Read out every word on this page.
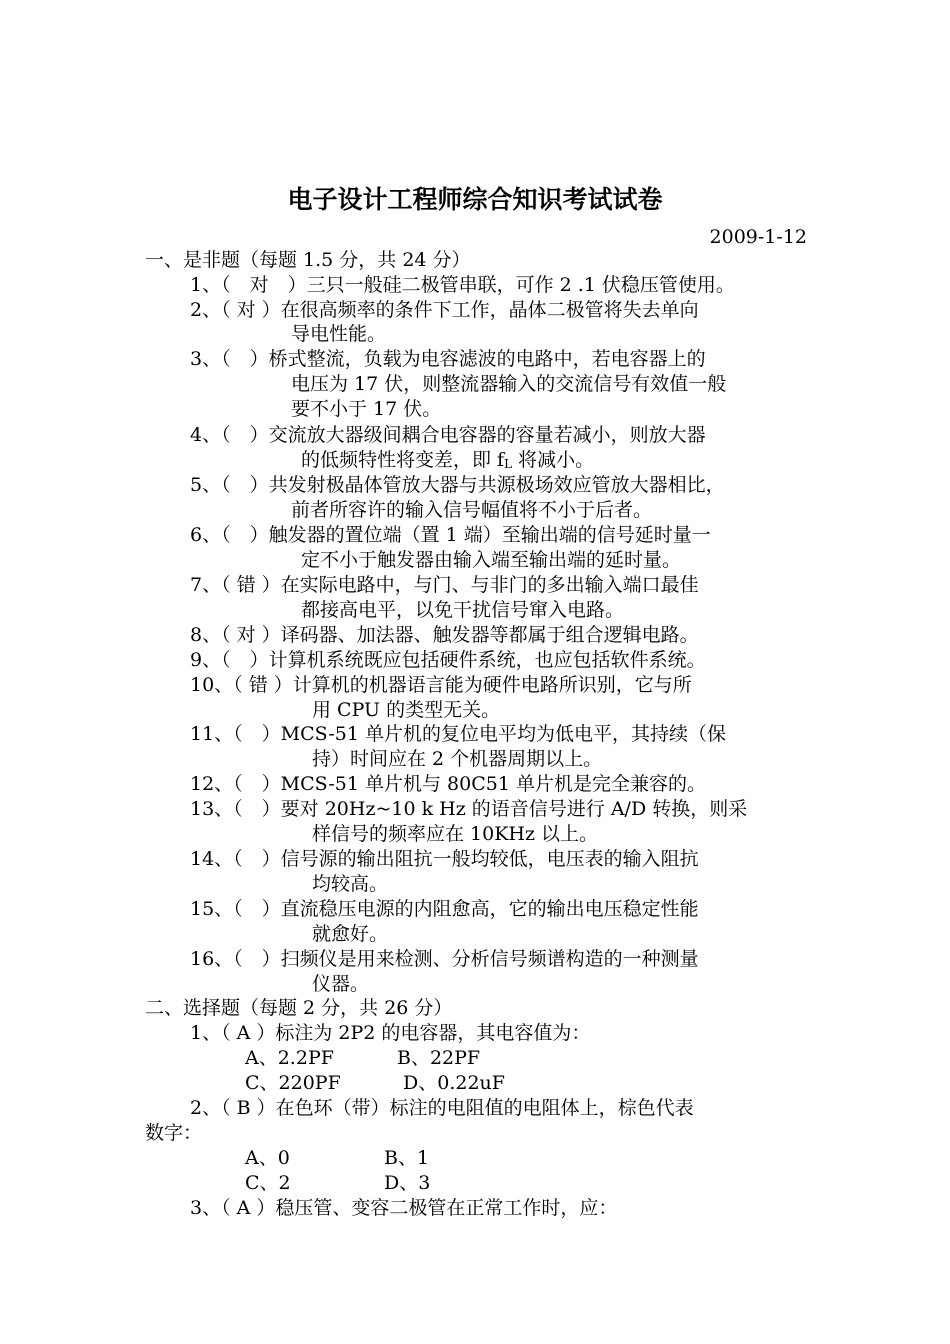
电子设计工程师综合知识考试试卷
2009-1-12
一、是非题（每题 1.5 分，共 24 分）
1、（　对　）三只一般硅二极管串联，可作 2 .1 伏稳压管使用。
2、（ 对 ）在很高频率的条件下工作，晶体二极管将失去单向
导电性能。
3、（　）桥式整流，负载为电容滤波的电路中，若电容器上的
电压为 17 伏，则整流器输入的交流信号有效值一般
要不小于 17 伏。
4、（　）交流放大器级间耦合电容器的容量若减小，则放大器
的低频特性将变差，即 $f_L$ 将减小。
5、（　）共发射极晶体管放大器与共源极场效应管放大器相比，
前者所容许的输入信号幅值将不小于后者。
6、（　）触发器的置位端（置 1 端）至输出端的信号延时量一
定不小于触发器由输入端至输出端的延时量。
7、（ 错 ）在实际电路中，与门、与非门的多出输入端口最佳
都接高电平，以免干扰信号窜入电路。
8、（ 对 ）译码器、加法器、触发器等都属于组合逻辑电路。
9、（　）计算机系统既应包括硬件系统，也应包括软件系统。
10、（ 错 ）计算机的机器语言能为硬件电路所识别，它与所
用 CPU 的类型无关。
11、（　）MCS-51 单片机的复位电平均为低电平，其持续（保
持）时间应在 2 个机器周期以上。
12、（　）MCS-51 单片机与 80C51 单片机是完全兼容的。
13、（　）要对 20Hz~10 k Hz 的语音信号进行 A/D 转换，则采
样信号的频率应在 10KHz 以上。
14、（　）信号源的输出阻抗一般均较低，电压表的输入阻抗
均较高。
15、（　）直流稳压电源的内阻愈高，它的输出电压稳定性能
就愈好。
16、（　）扫频仪是用来检测、分析信号频谱构造的一种测量
仪器。
二、选择题（每题 2 分，共 26 分）
1、（ A ）标注为 2P2 的电容器，其电容值为：
A、2.2PF	B、22PF
C、220PF	D、0.22uF
2、（ B ）在色环（带）标注的电阻值的电阻体上，棕色代表
数字：
A、0	B、1
C、2	D、3
3、（ A ）稳压管、变容二极管在正常工作时，应：
